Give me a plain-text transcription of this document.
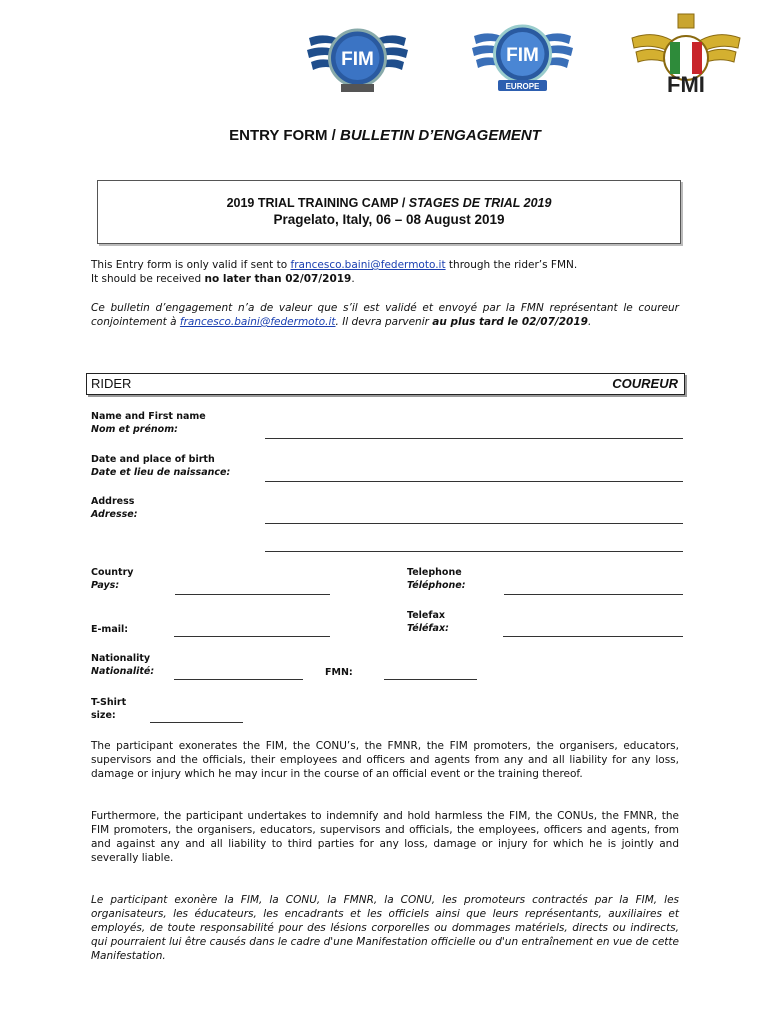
FIM	FIM
EUROPE	FMI
ENTRY FORM / BULLETIN D’ENGAGEMENT
2019 TRIAL TRAINING CAMP / STAGES DE TRIAL 2019
Pragelato, Italy, 06 – 08 August 2019
This Entry form is only valid if sent to francesco.baini@federmoto.it through the rider’s FMN.
It should be received no later than 02/07/2019.
Ce bulletin d’engagement n’a de valeur que s’il est validé et envoyé par la FMN représentant le coureur conjointement à francesco.baini@federmoto.it. Il devra parvenir au plus tard le 02/07/2019.
RIDER	COUREUR
Name and First name
Nom et prénom:
Date and place of birth
Date et lieu de naissance:
Address
Adresse:
Country
Pays:
Telephone
Téléphone:
Telefax
Téléfax:
E-mail:
Nationality
Nationalité:	FMN:
T-Shirt
size:
The participant exonerates the FIM, the CONU’s, the FMNR, the FIM promoters, the organisers, educators, supervisors and the officials, their employees and officers and agents from any and all liability for any loss, damage or injury which he may incur in the course of an official event or the training thereof.
Furthermore, the participant undertakes to indemnify and hold harmless the FIM, the CONUs, the FMNR, the FIM promoters, the organisers, educators, supervisors and officials, the employees, officers and agents, from and against any and all liability to third parties for any loss, damage or injury for which he is jointly and severally liable.
Le participant exonère la FIM, la CONU, la FMNR, la CONU, les promoteurs contractés par la FIM, les organisateurs, les éducateurs, les encadrants et les officiels ainsi que leurs représentants, auxiliaires et employés, de toute responsabilité pour des lésions corporelles ou dommages matériels, directs ou indirects, qui pourraient lui être causés dans le cadre d'une Manifestation officielle ou d'un entraînement en vue de cette Manifestation.
